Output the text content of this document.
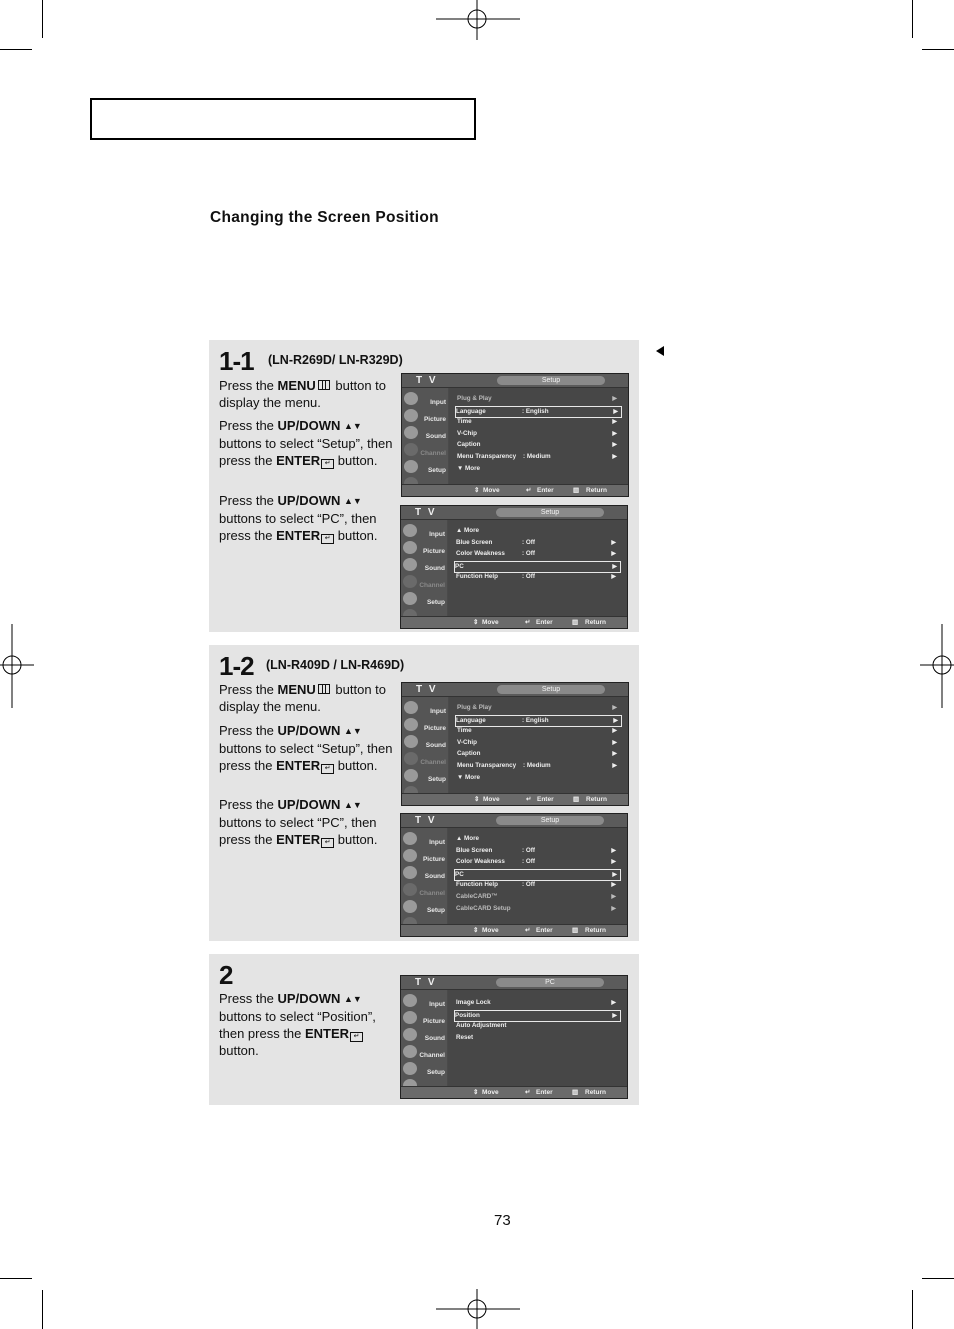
Changing the Screen Position
1-1 (LN-R269D/ LN-R329D)

Press the MENU button to display the menu.

Press the UP/DOWN ▲▼ buttons to select “Setup”, then press the ENTER ↵ button.

Press the UP/DOWN ▲▼ buttons to select “PC”, then press the ENTER ↵ button.

1-2 (LN-R409D / LN-R469D)

Press the MENU button to display the menu.

Press the UP/DOWN ▲▼ buttons to select “Setup”, then press the ENTER ↵ button.

Press the UP/DOWN ▲▼ buttons to select “PC”, then press the ENTER ↵ button.

2

Press the UP/DOWN ▲▼ buttons to select “Position”, then press the ENTER ↵ button.

T V	Setup
Input
Picture
Sound
Channel
Setup
Plug & Play	▶
Language	: English	▶
Time	▶
V-Chip	▶
Caption	▶
Menu Transparency : Medium	▶
▼ More
⇕ Move	↵ Enter	▥ Return
T V	Setup
Input
Picture
Sound
Channel
Setup
▲ More
Blue Screen	: Off	▶
Color Weakness	: Off	▶
PC	▶
Function Help	: Off	▶
⇕ Move	↵ Enter	▥ Return
T V	Setup
Input
Picture
Sound
Channel
Setup
Plug & Play	▶
Language	: English	▶
Time	▶
V-Chip	▶
Caption	▶
Menu Transparency : Medium	▶
▼ More
⇕ Move	↵ Enter	▥ Return
T V	Setup
Input
Picture
Sound
Channel
Setup
▲ More
Blue Screen	: Off	▶
Color Weakness	: Off	▶
PC	▶
Function Help	: Off	▶
CableCARD™	▶
CableCARD Setup	▶
⇕ Move	↵ Enter	▥ Return
T V	PC
Input
Picture
Sound
Channel
Setup
Image Lock	▶
Position	▶
Auto Adjustment
Reset
⇕ Move	↵ Enter	▥ Return
73
